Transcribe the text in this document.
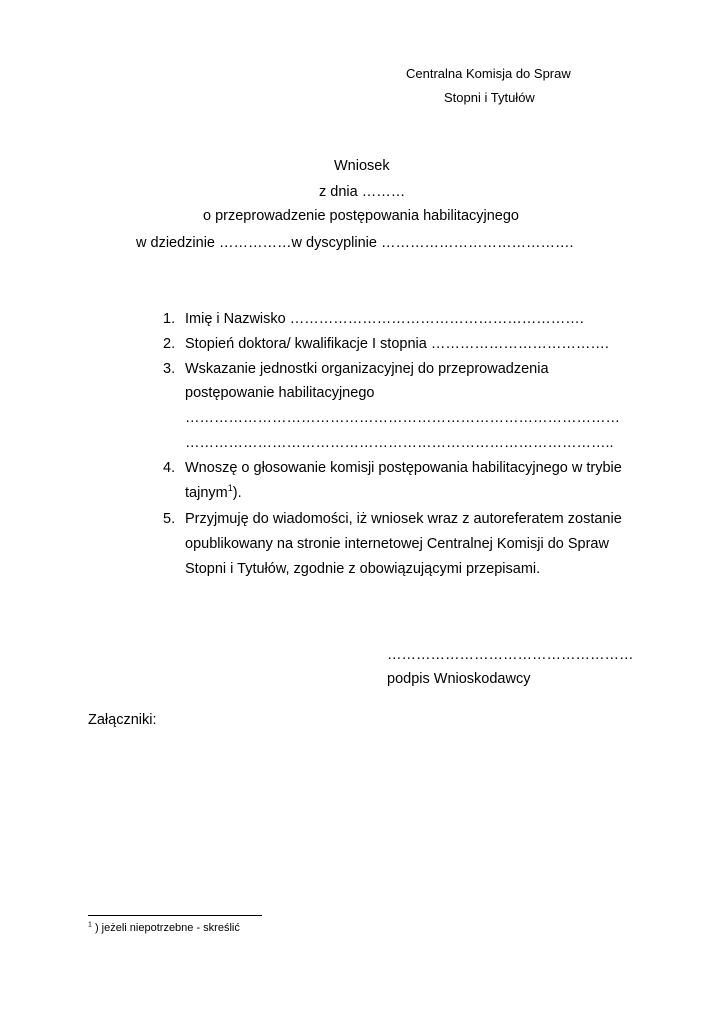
Centralna Komisja do Spraw
Stopni i Tytułów
Wniosek
z dnia ………
o przeprowadzenie postępowania habilitacyjnego
w dziedzinie ……………w dyscyplinie ………………………………….
1. Imię i Nazwisko …………………………………………………….
2. Stopień doktora/ kwalifikacje I stopnia ……………………………….
3. Wskazanie jednostki organizacyjnej do przeprowadzenia
postępowanie habilitacyjnego
………………………………………………………………………………
……………………………………………………………………………..
4. Wnoszę o głosowanie komisji postępowania habilitacyjnego w trybie
tajnym$^1$).
5. Przyjmuję do wiadomości, iż wniosek wraz z autoreferatem zostanie
opublikowany na stronie internetowej Centralnej Komisji do Spraw
Stopni i Tytułów, zgodnie z obowiązującymi przepisami.
……………………………………………
podpis Wnioskodawcy
Załączniki:
$^1$ ) jeżeli niepotrzebne - skreślić
